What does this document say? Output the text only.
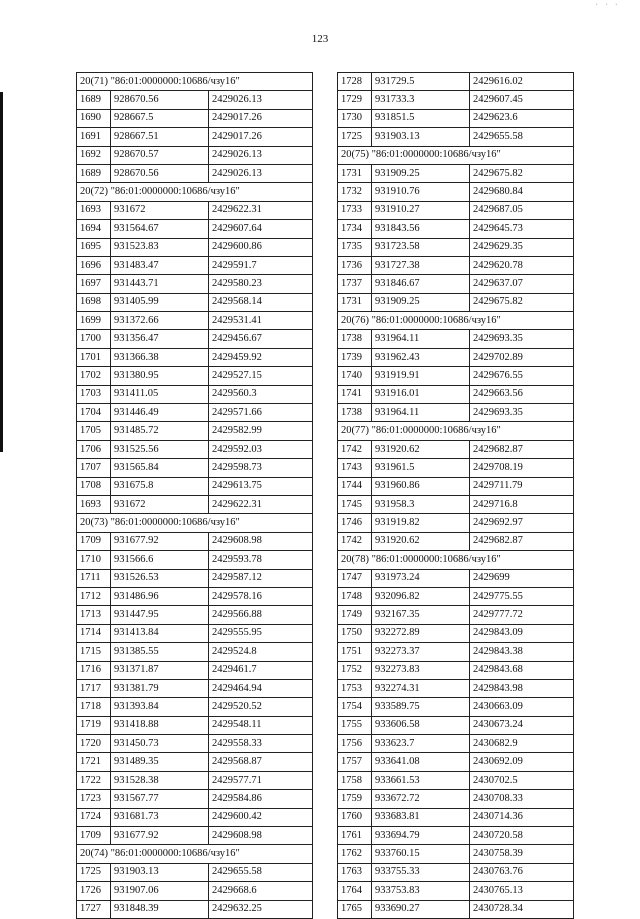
· · ·
123
20(71) "86:01:0000000:10686/чзу16"		
1689	928670.56	2429026.13
1690	928667.5	2429017.26
1691	928667.51	2429017.26
1692	928670.57	2429026.13
1689	928670.56	2429026.13
20(72) "86:01:0000000:10686/чзу16"		
1693	931672	2429622.31
1694	931564.67	2429607.64
1695	931523.83	2429600.86
1696	931483.47	2429591.7
1697	931443.71	2429580.23
1698	931405.99	2429568.14
1699	931372.66	2429531.41
1700	931356.47	2429456.67
1701	931366.38	2429459.92
1702	931380.95	2429527.15
1703	931411.05	2429560.3
1704	931446.49	2429571.66
1705	931485.72	2429582.99
1706	931525.56	2429592.03
1707	931565.84	2429598.73
1708	931675.8	2429613.75
1693	931672	2429622.31
20(73) "86:01:0000000:10686/чзу16"		
1709	931677.92	2429608.98
1710	931566.6	2429593.78
1711	931526.53	2429587.12
1712	931486.96	2429578.16
1713	931447.95	2429566.88
1714	931413.84	2429555.95
1715	931385.55	2429524.8
1716	931371.87	2429461.7
1717	931381.79	2429464.94
1718	931393.84	2429520.52
1719	931418.88	2429548.11
1720	931450.73	2429558.33
1721	931489.35	2429568.87
1722	931528.38	2429577.71
1723	931567.77	2429584.86
1724	931681.73	2429600.42
1709	931677.92	2429608.98
20(74) "86:01:0000000:10686/чзу16"		
1725	931903.13	2429655.58
1726	931907.06	2429668.6
1727	931848.39	2429632.25
1728	931729.5	2429616.02
1729	931733.3	2429607.45
1730	931851.5	2429623.6
1725	931903.13	2429655.58
20(75) "86:01:0000000:10686/чзу16"		
1731	931909.25	2429675.82
1732	931910.76	2429680.84
1733	931910.27	2429687.05
1734	931843.56	2429645.73
1735	931723.58	2429629.35
1736	931727.38	2429620.78
1737	931846.67	2429637.07
1731	931909.25	2429675.82
20(76) "86:01:0000000:10686/чзу16"		
1738	931964.11	2429693.35
1739	931962.43	2429702.89
1740	931919.91	2429676.55
1741	931916.01	2429663.56
1738	931964.11	2429693.35
20(77) "86:01:0000000:10686/чзу16"		
1742	931920.62	2429682.87
1743	931961.5	2429708.19
1744	931960.86	2429711.79
1745	931958.3	2429716.8
1746	931919.82	2429692.97
1742	931920.62	2429682.87
20(78) "86:01:0000000:10686/чзу16"		
1747	931973.24	2429699
1748	932096.82	2429775.55
1749	932167.35	2429777.72
1750	932272.89	2429843.09
1751	932273.37	2429843.38
1752	932273.83	2429843.68
1753	932274.31	2429843.98
1754	933589.75	2430663.09
1755	933606.58	2430673.24
1756	933623.7	2430682.9
1757	933641.08	2430692.09
1758	933661.53	2430702.5
1759	933672.72	2430708.33
1760	933683.81	2430714.36
1761	933694.79	2430720.58
1762	933760.15	2430758.39
1763	933755.33	2430763.76
1764	933753.83	2430765.13
1765	933690.27	2430728.34
